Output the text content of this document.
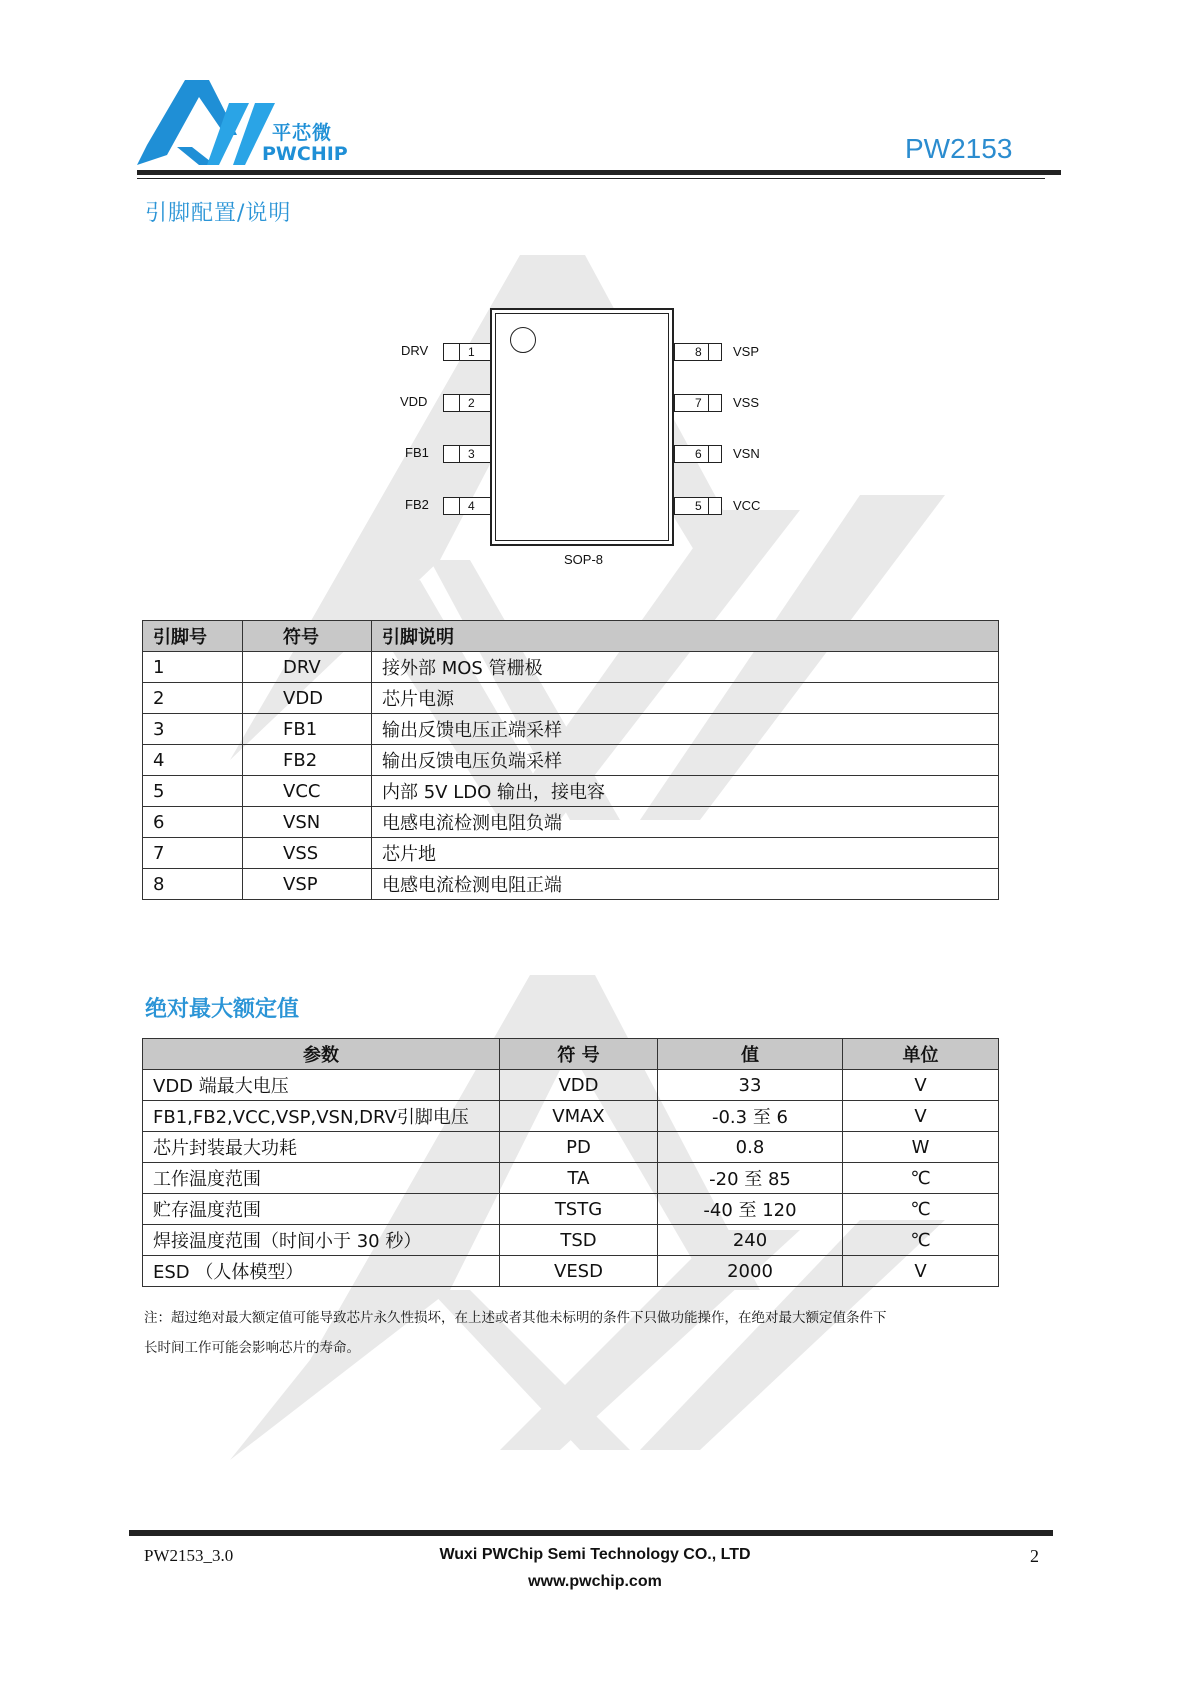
平芯微
PWCHIP	PW2153
引脚配置/说明
DRV	1
VDD	2
FB1	3
FB2	4
8 VSP
7 VSS
6 VSN
5 VCC
SOP-8
引脚号	符号	引脚说明
1	DRV	接外部 MOS 管栅极
2	VDD	芯片电源
3	FB1	输出反馈电压正端采样
4	FB2	输出反馈电压负端采样
5	VCC	内部 5V LDO 输出，接电容
6	VSN	电感电流检测电阻负端
7	VSS	芯片地
8	VSP	电感电流检测电阻正端
绝对最大额定值
参数	符 号	值	单位
VDD 端最大电压	VDD	33	V
FB1,FB2,VCC,VSP,VSN,DRV引脚电压	VMAX	-0.3 至 6	V
芯片封装最大功耗	PD	0.8	W
工作温度范围	TA	-20 至 85	℃
贮存温度范围	TSTG	-40 至 120	℃
焊接温度范围（时间小于 30 秒）	TSD	240	℃
ESD （人体模型）	VESD	2000	V
注：超过绝对最大额定值可能导致芯片永久性损坏，在上述或者其他未标明的条件下只做功能操作，在绝对最大额定值条件下
长时间工作可能会影响芯片的寿命。
PW2153_3.0	Wuxi PWChip Semi Technology CO., LTD
www.pwchip.com
2
